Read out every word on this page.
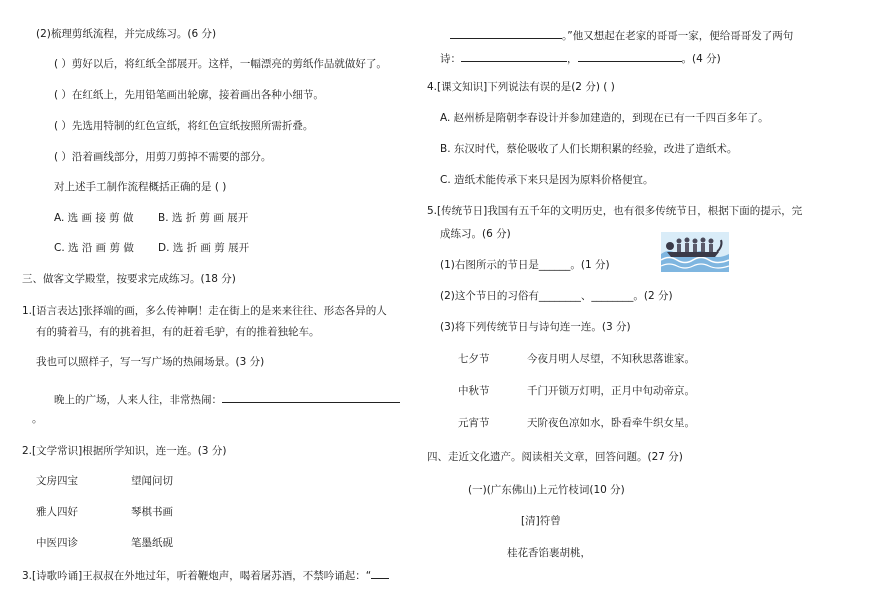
(2)梳理剪纸流程，并完成练习。(6 分)
( ）剪好以后，将红纸全部展开。这样，一幅漂亮的剪纸作品就做好了。
( ）在红纸上，先用铅笔画出轮廓，接着画出各种小细节。
( ）先选用特制的红色宣纸，将红色宣纸按照所需折叠。
( ）沿着画线部分，用剪刀剪掉不需要的部分。
对上述手工制作流程概括正确的是 ( )
A. 选 画 接 剪 做 B. 选 折 剪 画 展开
C. 选 沿 画 剪 做 D. 选 折 画 剪 展开
三、做客文学殿堂，按要求完成练习。(18 分)
1.[语言表达]张择端的画，多么传神啊！走在街上的是来来往往、形态各异的人
有的骑着马，有的挑着担，有的赶着毛驴，有的推着独轮车。
我也可以照样子，写一写广场的热闹场景。(3 分)
晚上的广场，人来人往，非常热闹：
。
2.[文学常识]根据所学知识，连一连。(3 分)
文房四宝
雅人四好
中医四诊
望闻问切
琴棋书画
笔墨纸砚
3.[诗歌吟诵]王叔叔在外地过年，听着鞭炮声，喝着屠苏酒，不禁吟诵起：“
。”他又想起在老家的哥哥一家，便给哥哥发了两句
诗：	，	。(4 分)
4.[课文知识]下列说法有误的是(2 分) ( )
A. 赵州桥是隋朝李春设计并参加建造的，到现在已有一千四百多年了。
B. 东汉时代，蔡伦吸收了人们长期积累的经验，改进了造纸术。
C. 造纸术能传承下来只是因为原料价格便宜。
5.[传统节日]我国有五千年的文明历史，也有很多传统节日，根据下面的提示，完
成练习。(6 分)
(1)右图所示的节日是______。(1 分)
(2)这个节日的习俗有________、________。(2 分)
(3)将下列传统节日与诗句连一连。(3 分)
七夕节
中秋节
元宵节
今夜月明人尽望，不知秋思落谁家。
千门开锁万灯明，正月中旬动帝京。
天阶夜色凉如水，卧看牵牛织女星。
四、走近文化遗产。阅读相关文章，回答问题。(27 分)
(一)(广东佛山)上元竹枝词(10 分)
[清]符曾
桂花香馅裹胡桃，
